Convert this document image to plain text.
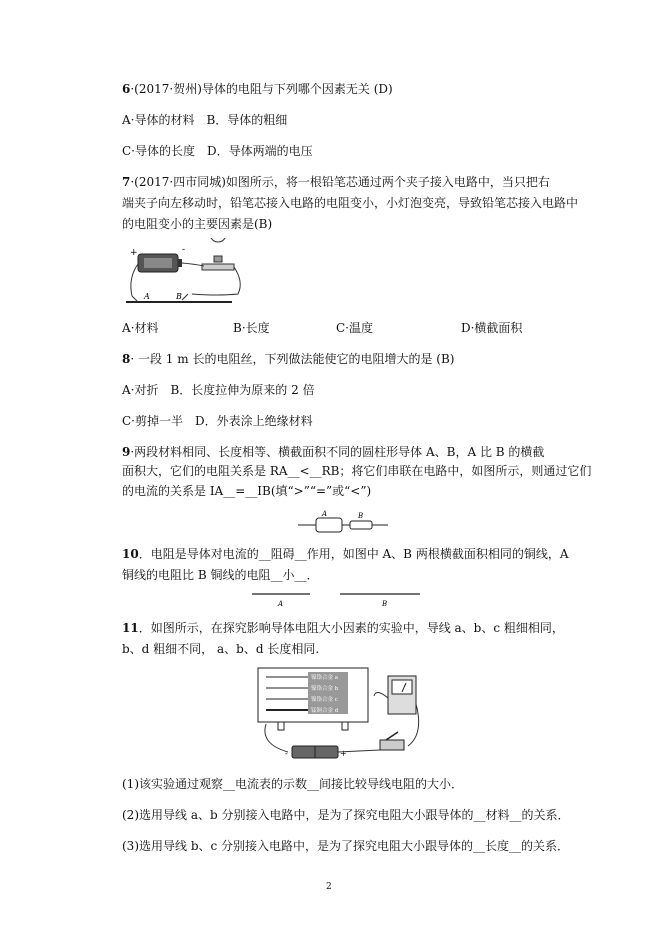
6·(2017·贺州)导体的电阻与下列哪个因素无关 (D)
A·导体的材料　B．导体的粗细
C·导体的长度　D．导体两端的电压
7·(2017·四市同城)如图所示，将一根铅笔芯通过两个夹子接入电路中，当只把右
端夹子向左移动时，铅笔芯接入电路的电阻变小，小灯泡变亮，导致铅笔芯接入电路中
的电阻变小的主要因素是(B)
+	-
A	B
A·材料	B·长度	C·温度	D·横截面积
8· 一段 1 m 长的电阻丝，下列做法能使它的电阻增大的是 (B)
A·对折　B．长度拉伸为原来的 2 倍
C·剪掉一半　D．外表涂上绝缘材料
9·两段材料相同、长度相等、横截面积不同的圆柱形导体 A、B，A 比 B 的横截
面积大，它们的电阻关系是 RA__<__RB；将它们串联在电路中，如图所示，则通过它们
的电流的关系是 IA__=__IB(填“>”“=”或“<”)
A	B
10．电阻是导体对电流的__阻碍__作用，如图中 A、B 两根横截面积相同的铜线，A
铜线的电阻比 B 铜线的电阻__小__．
A	B
11．如图所示，在探究影响导体电阻大小因素的实验中，导线 a、b、c 粗细相同，
b、d 粗细不同， a、b、d 长度相同.
镍铬合金 a
镍铬合金 b
镍铬合金 c
锰铜合金 d
-	+
(1)该实验通过观察__电流表的示数__间接比较导线电阻的大小．
(2)选用导线 a、b 分别接入电路中，是为了探究电阻大小跟导体的__材料__的关系．
(3)选用导线 b、c 分别接入电路中，是为了探究电阻大小跟导体的__长度__的关系．
2
